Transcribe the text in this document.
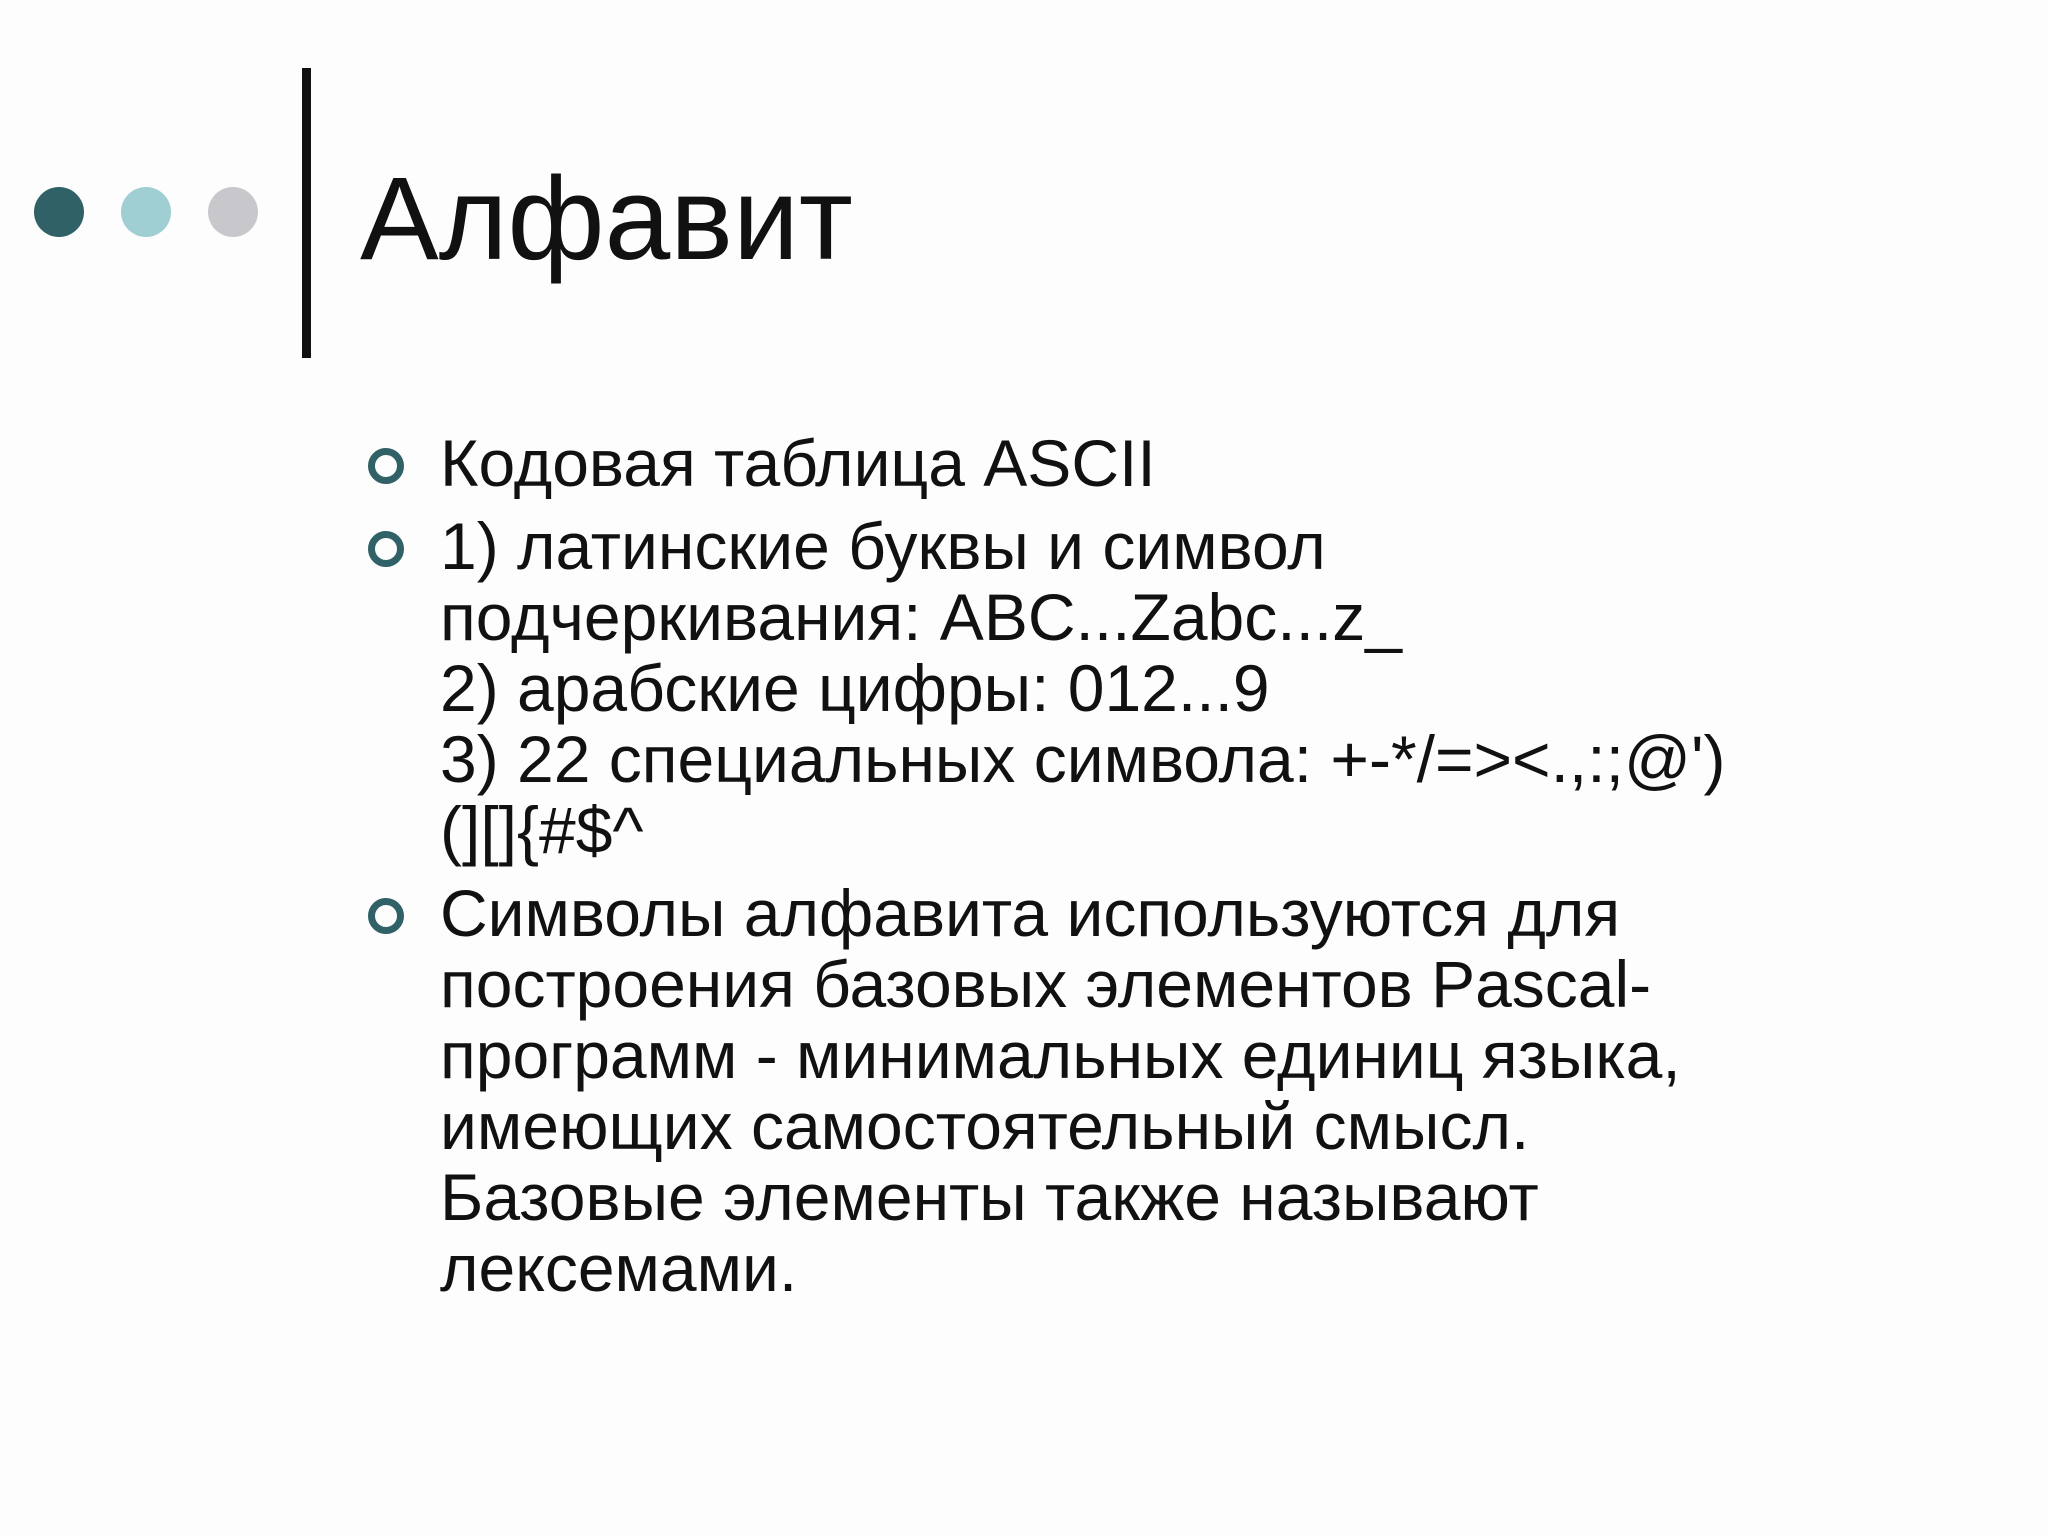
Алфавит
Кодовая таблица ASCII
1) латинские буквы и символ
подчеркивания: ABC...Zabc...z_
2) арабские цифры: 012...9
3) 22 специальных символа: +-*/=><.,:;@')
(][]{#$^
Символы алфавита используются для
построения базовых элементов Pascal-
программ - минимальных единиц языка,
имеющих самостоятельный смысл.
Базовые элементы также называют
лексемами.
